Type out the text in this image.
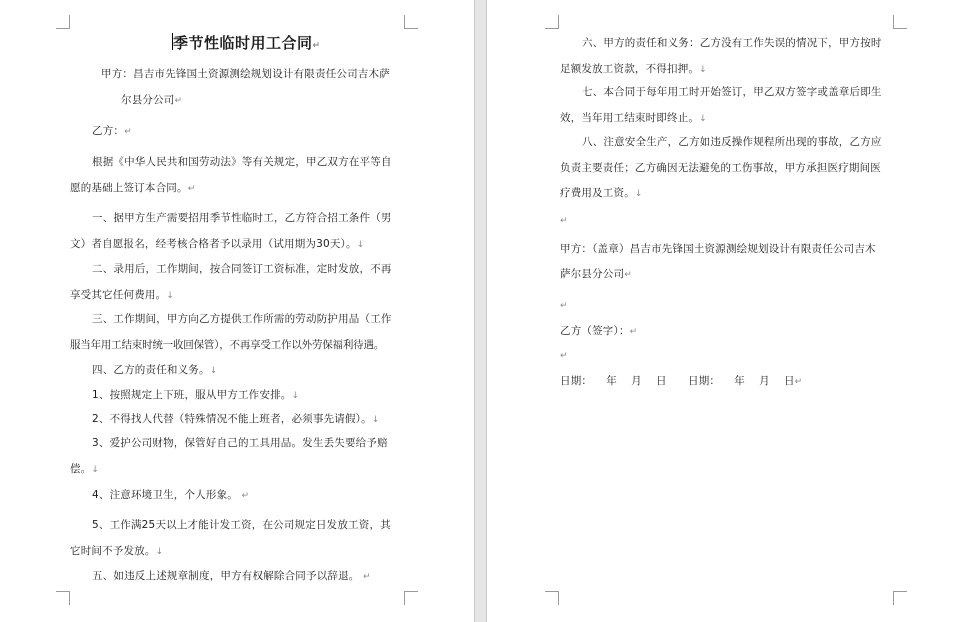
季节性临时用工合同↵
甲方：昌吉市先锋国土资源测绘规划设计有限责任公司吉木萨
尔县分公司↵
乙方：↵
根据《中华人民共和国劳动法》等有关规定，甲乙双方在平等自
愿的基础上签订本合同。↵
一、据甲方生产需要招用季节性临时工，乙方符合招工条件（男
文）者自愿报名，经考核合格者予以录用（试用期为30天）。↓
二、录用后，工作期间，按合同签订工资标准，定时发放，不再
享受其它任何费用。↓
三、工作期间，甲方向乙方提供工作所需的劳动防护用品（工作
服当年用工结束时统一收回保管），不再享受工作以外劳保福利待遇。
四、乙方的责任和义务。↓
1、按照规定上下班，服从甲方工作安排。↓
2、不得找人代替（特殊情况不能上班者，必须事先请假）。↓
3、爱护公司财物，保管好自己的工具用品。发生丢失要给予赔
偿。↓
4、注意环境卫生，个人形象。 ↵
5、工作满25天以上才能计发工资，在公司规定日发放工资，其
它时间不予发放。↓
五、如违反上述规章制度，甲方有权解除合同予以辞退。 ↵
六、甲方的责任和义务：乙方没有工作失误的情况下，甲方按时
足额发放工资款，不得扣押。↓
七、本合同于每年用工时开始签订，甲乙双方签字或盖章后即生
效，当年用工结束时即终止。↓
八、注意安全生产，乙方如违反操作规程所出现的事故，乙方应
负责主要责任；乙方确因无法避免的工伤事故，甲方承担医疗期间医
疗费用及工资。↓
↵
甲方：（盖章）昌吉市先锋国土资源测绘规划设计有限责任公司吉木
萨尔县分公司↵
↵
乙方（签字）：↵
↵
日期：    年    月    日 日期：    年    月    日↵
